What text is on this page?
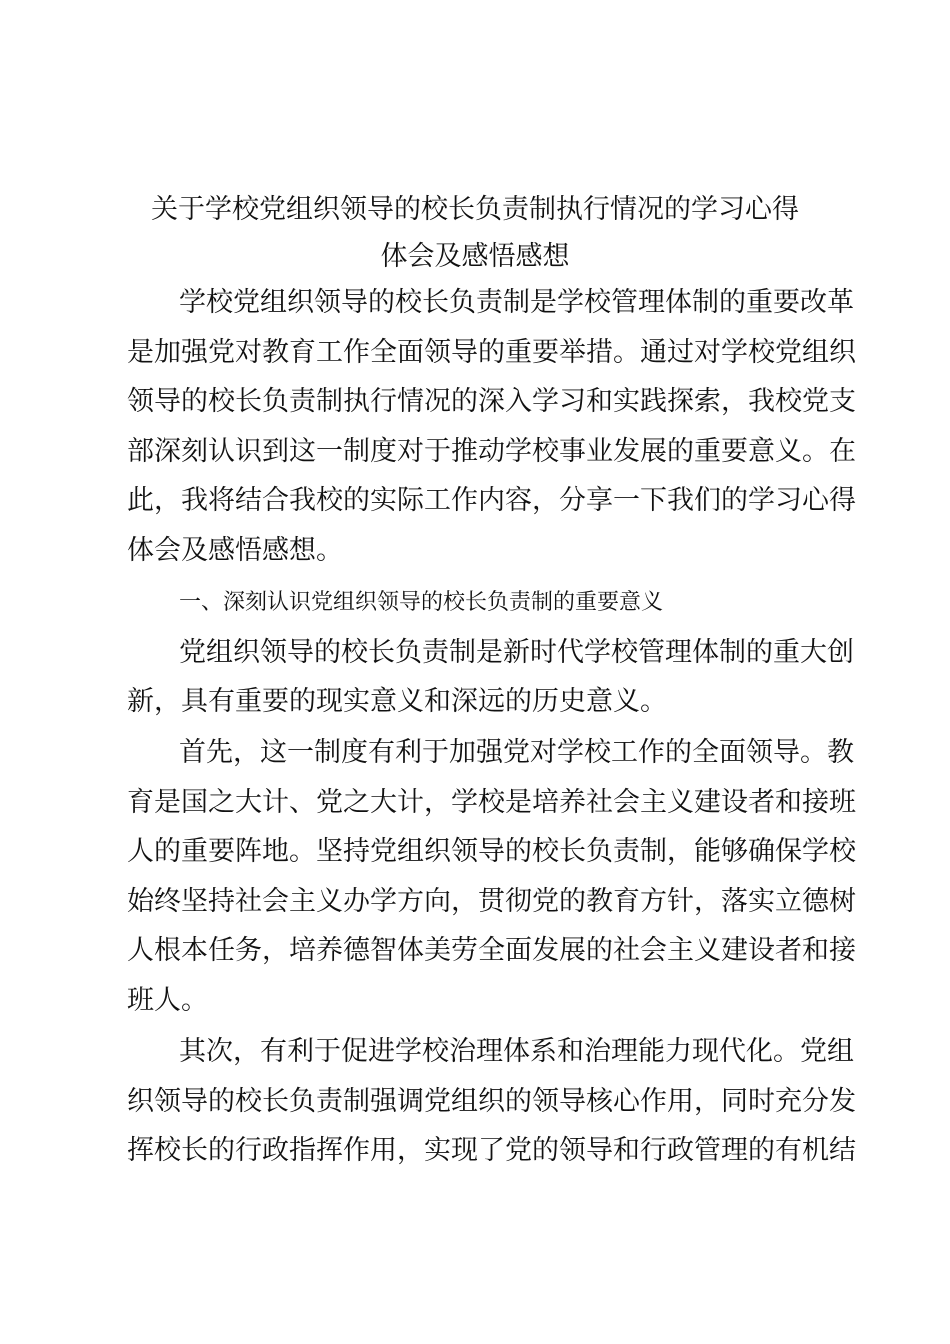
关于学校党组织领导的校长负责制执行情况的学习心得
体会及感悟感想
学校党组织领导的校长负责制是学校管理体制的重要改革
是加强党对教育工作全面领导的重要举措。通过对学校党组织
领导的校长负责制执行情况的深入学习和实践探索，我校党支
部深刻认识到这一制度对于推动学校事业发展的重要意义。在
此，我将结合我校的实际工作内容，分享一下我们的学习心得
体会及感悟感想。
一、深刻认识党组织领导的校长负责制的重要意义
党组织领导的校长负责制是新时代学校管理体制的重大创
新，具有重要的现实意义和深远的历史意义。
首先，这一制度有利于加强党对学校工作的全面领导。教
育是国之大计、党之大计，学校是培养社会主义建设者和接班
人的重要阵地。坚持党组织领导的校长负责制，能够确保学校
始终坚持社会主义办学方向，贯彻党的教育方针，落实立德树
人根本任务，培养德智体美劳全面发展的社会主义建设者和接
班人。
其次，有利于促进学校治理体系和治理能力现代化。党组
织领导的校长负责制强调党组织的领导核心作用，同时充分发
挥校长的行政指挥作用，实现了党的领导和行政管理的有机结
